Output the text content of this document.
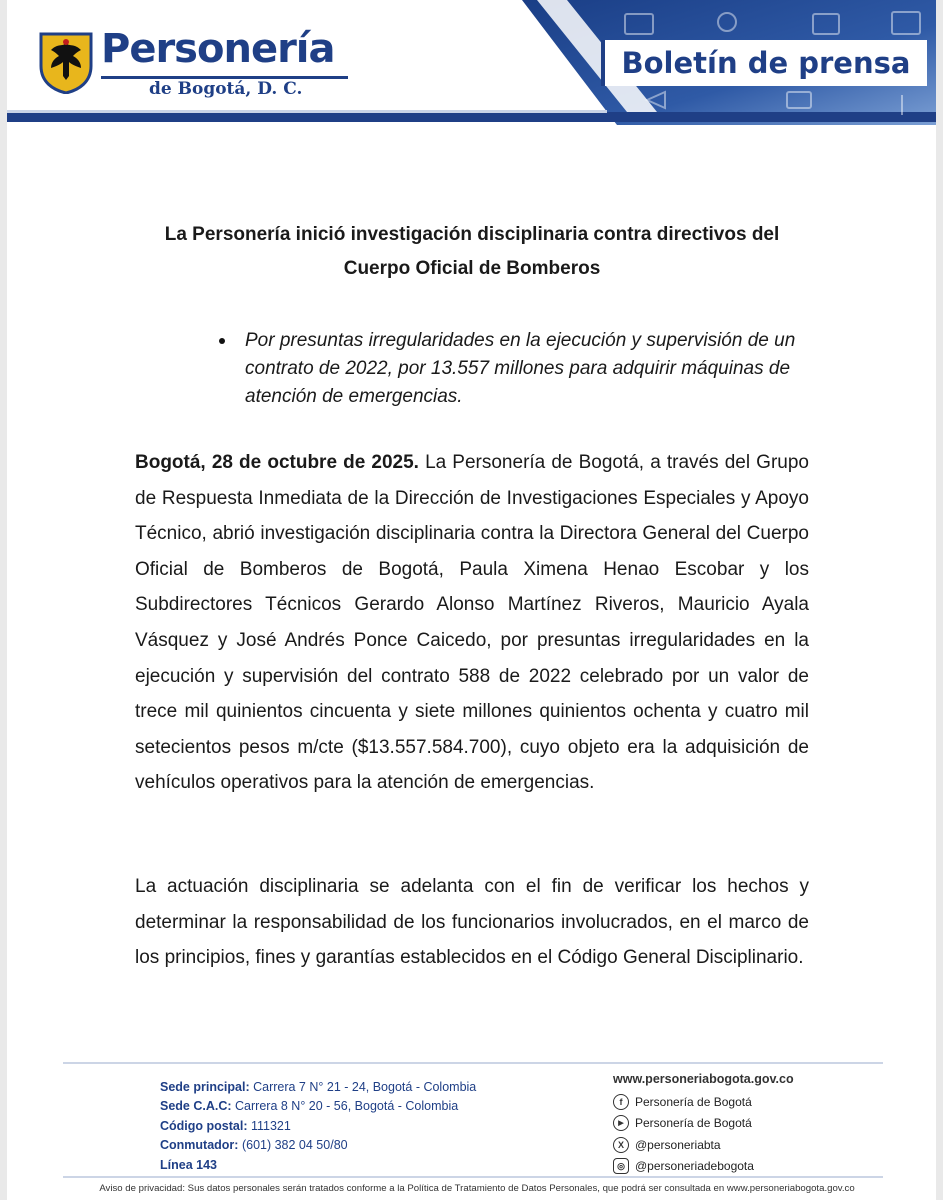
Personería
de Bogotá, D. C.
Boletín de prensa
La Personería inició investigación disciplinaria contra directivos del
Cuerpo Oficial de Bomberos
Por presuntas irregularidades en la ejecución y supervisión de un contrato de 2022, por 13.557 millones para adquirir máquinas de atención de emergencias.

Bogotá, 28 de octubre de 2025. La Personería de Bogotá, a través del Grupo de Respuesta Inmediata de la Dirección de Investigaciones Especiales y Apoyo Técnico, abrió investigación disciplinaria contra la Directora General del Cuerpo Oficial de Bomberos de Bogotá, Paula Ximena Henao Escobar y los Subdirectores Técnicos Gerardo Alonso Martínez Riveros, Mauricio Ayala Vásquez y José Andrés Ponce Caicedo, por presuntas irregularidades en la ejecución y supervisión del contrato 588 de 2022 celebrado por un valor de trece mil quinientos cincuenta y siete millones quinientos ochenta y cuatro mil setecientos pesos m/cte ($13.557.584.700), cuyo objeto era la adquisición de vehículos operativos para la atención de emergencias.

La actuación disciplinaria se adelanta con el fin de verificar los hechos y determinar la responsabilidad de los funcionarios involucrados, en el marco de los principios, fines y garantías establecidos en el Código General Disciplinario.

Sede principal: Carrera 7 N° 21 - 24, Bogotá - Colombia
Sede C.A.C: Carrera 8 N° 20 - 56, Bogotá - Colombia
Código postal: 111321
Conmutador: (601) 382 04 50/80
Línea 143
www.personeriabogota.gov.co
f	Personería de Bogotá
▶ Personería de Bogotá
X @personeriabta
◎ @personeriadebogota
Aviso de privacidad: Sus datos personales serán tratados conforme a la Política de Tratamiento de Datos Personales, que podrá ser consultada en www.personeriabogota.gov.co
